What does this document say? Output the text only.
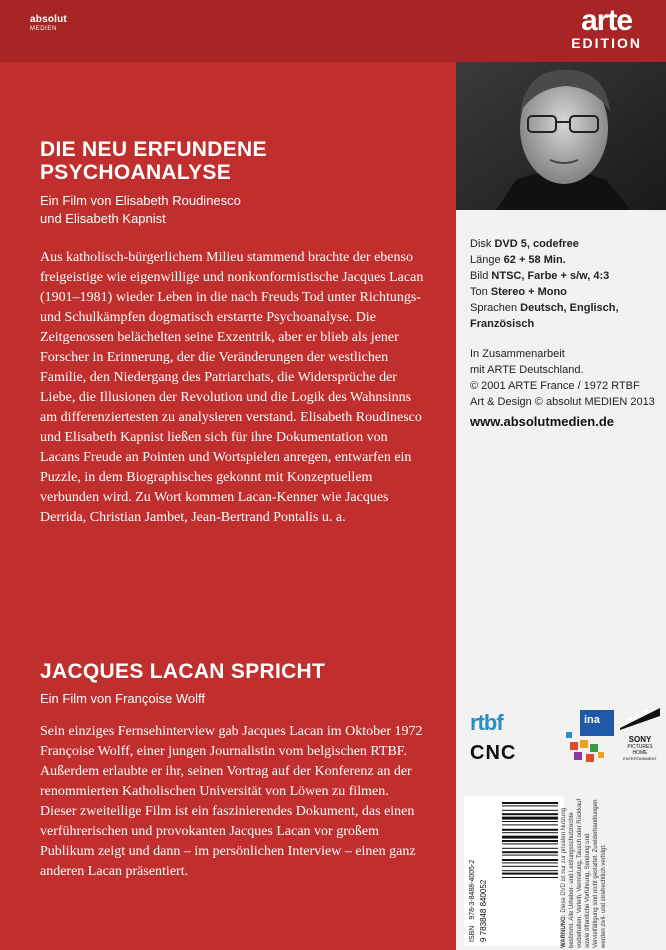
absolut
MEDIEN	arte
EDITION
DIE NEU ERFUNDENE
PSYCHOANALYSE

Ein Film von Elisabeth Roudinesco
und Elisabeth Kapnist

Aus katholisch-bürgerlichem Milieu stammend brachte der ebenso freigeistige wie eigenwillige und nonkonformistische Jacques Lacan (1901–1981) wieder Leben in die nach Freuds Tod unter Richtungs- und Schulkämpfen dogmatisch erstarrte Psychoanalyse. Die Zeitgenossen belächelten seine Exzentrik, aber er blieb als jener Forscher in Erinnerung, der die Veränderungen der westlichen Familie, den Niedergang des Patriarchats, die Widersprüche der Liebe, die Illusionen der Revolution und die Logik des Wahnsinns am differenziertesten zu analysieren verstand. Elisabeth Roudinesco und Elisabeth Kapnist ließen sich für ihre Dokumentation von Lacans Freude an Pointen und Wortspielen anregen, entwarfen ein Puzzle, in dem Biographisches gekonnt mit Konzeptuellem verbunden wird. Zu Wort kommen Lacan-Kenner wie Jacques Derrida, Christian Jambet, Jean-Bertrand Pontalis u. a.

JACQUES LACAN SPRICHT

Ein Film von Françoise Wolff

Sein einziges Fernsehinterview gab Jacques Lacan im Oktober 1972 Françoise Wolff, einer jungen Journalistin vom belgischen RTBF. Außerdem erlaubte er ihr, seinen Vortrag auf der Konferenz an der renommierten Katholischen Universität von Löwen zu filmen. Dieser zweiteilige Film ist ein faszinierendes Dokument, das einen verführerischen und provokanten Jacques Lacan vor großem Publikum zeigt und dann – im persönlichen Interview – einen ganz anderen Lacan präsentiert.

Disk DVD 5, codefree
Länge 62 + 58 Min.
Bild NTSC, Farbe + s/w, 4:3
Ton Stereo + Mono
Sprachen Deutsch, Englisch, Französisch
In Zusammenarbeit
mit ARTE Deutschland.
© 2001 ARTE France / 1972 RTBF
Art & Design © absolut MEDIEN 2013

www.absolutmedien.de

rtbf
CNC
ina
SONY
PICTURES
HOME
ENTERTAINMENT
9 783848 840052
ISBN978-3-8488-4005-2
WARNUNG: Diese DVD ist nur zur privaten Nutzung bestimmt. Alle Urheber- und Leistungsschutzrechte vorbehalten. Verleih, Vermietung, Tausch oder Rückkauf sowie öffentliche Vorführung, Sendung und Vervielfältigung sind nicht gestattet. Zuwiderhandlungen werden zivil- und strafrechtlich verfolgt.
